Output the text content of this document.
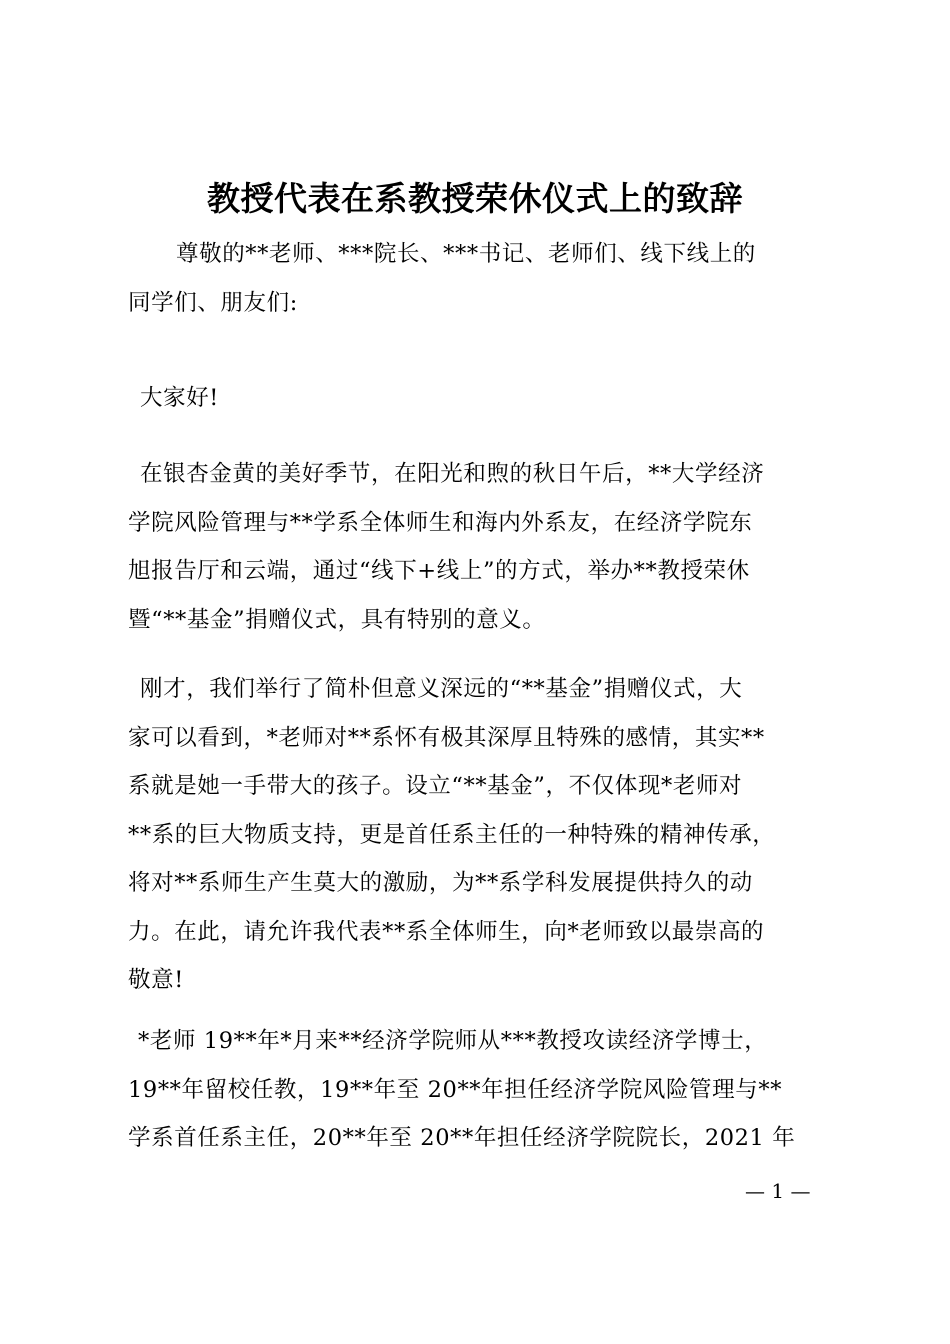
教授代表在系教授荣休仪式上的致辞
尊敬的**老师、***院长、***书记、老师们、线下线上的
同学们、朋友们:
大家好!
在银杏金黄的美好季节，在阳光和煦的秋日午后，**大学经济
学院风险管理与**学系全体师生和海内外系友，在经济学院东
旭报告厅和云端，通过“线下+线上”的方式，举办**教授荣休
暨“**基金”捐赠仪式，具有特别的意义。
刚才，我们举行了简朴但意义深远的“**基金”捐赠仪式，大
家可以看到，*老师对**系怀有极其深厚且特殊的感情，其实**
系就是她一手带大的孩子。设立“**基金”，不仅体现*老师对
**系的巨大物质支持，更是首任系主任的一种特殊的精神传承，
将对**系师生产生莫大的激励，为**系学科发展提供持久的动
力。在此，请允许我代表**系全体师生，向*老师致以最崇高的
敬意!
*老师 19**年*月来**经济学院师从***教授攻读经济学博士，
19**年留校任教，19**年至 20**年担任经济学院风险管理与**
学系首任系主任，20**年至 20**年担任经济学院院长，2021 年
— 1 —
